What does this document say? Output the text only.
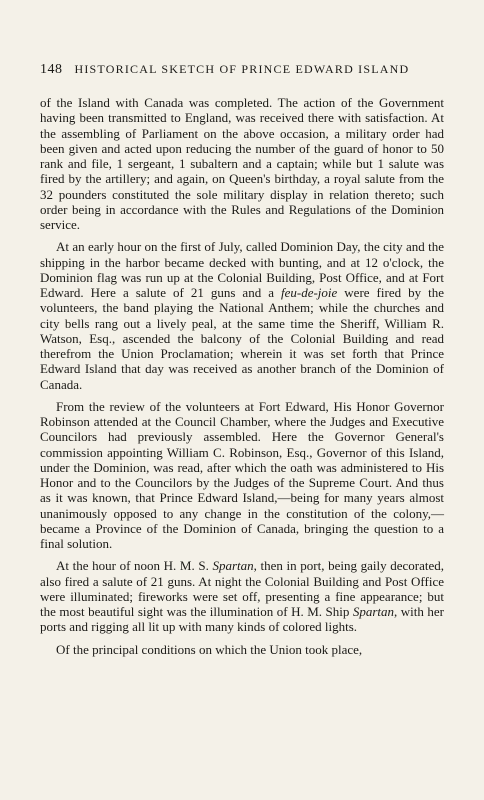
148 HISTORICAL SKETCH OF PRINCE EDWARD ISLAND

of the Island with Canada was completed. The action of the Government having been transmitted to England, was received there with satisfaction. At the assembling of Parliament on the above occasion, a military order had been given and acted upon reducing the number of the guard of honor to 50 rank and file, 1 sergeant, 1 subaltern and a captain; while but 1 salute was fired by the artillery; and again, on Queen's birthday, a royal salute from the 32 pounders constituted the sole military display in relation thereto; such order being in accordance with the Rules and Regulations of the Dominion service.

At an early hour on the first of July, called Dominion Day, the city and the shipping in the harbor became decked with bunting, and at 12 o'clock, the Dominion flag was run up at the Colonial Building, Post Office, and at Fort Edward. Here a salute of 21 guns and a feu-de-joie were fired by the volunteers, the band playing the National Anthem; while the churches and city bells rang out a lively peal, at the same time the Sheriff, William R. Watson, Esq., ascended the balcony of the Colonial Building and read therefrom the Union Proclamation; wherein it was set forth that Prince Edward Island that day was received as another branch of the Dominion of Canada.

From the review of the volunteers at Fort Edward, His Honor Governor Robinson attended at the Council Chamber, where the Judges and Executive Councilors had previously assembled. Here the Governor General's commission appointing William C. Robinson, Esq., Governor of this Island, under the Dominion, was read, after which the oath was administered to His Honor and to the Councilors by the Judges of the Supreme Court. And thus as it was known, that Prince Edward Island,—being for many years almost unanimously opposed to any change in the constitution of the colony,—became a Province of the Dominion of Canada, bringing the question to a final solution.

At the hour of noon H. M. S. Spartan, then in port, being gaily decorated, also fired a salute of 21 guns. At night the Colonial Building and Post Office were illuminated; fireworks were set off, presenting a fine appearance; but the most beautiful sight was the illumination of H. M. Ship Spartan, with her ports and rigging all lit up with many kinds of colored lights.

Of the principal conditions on which the Union took place,
